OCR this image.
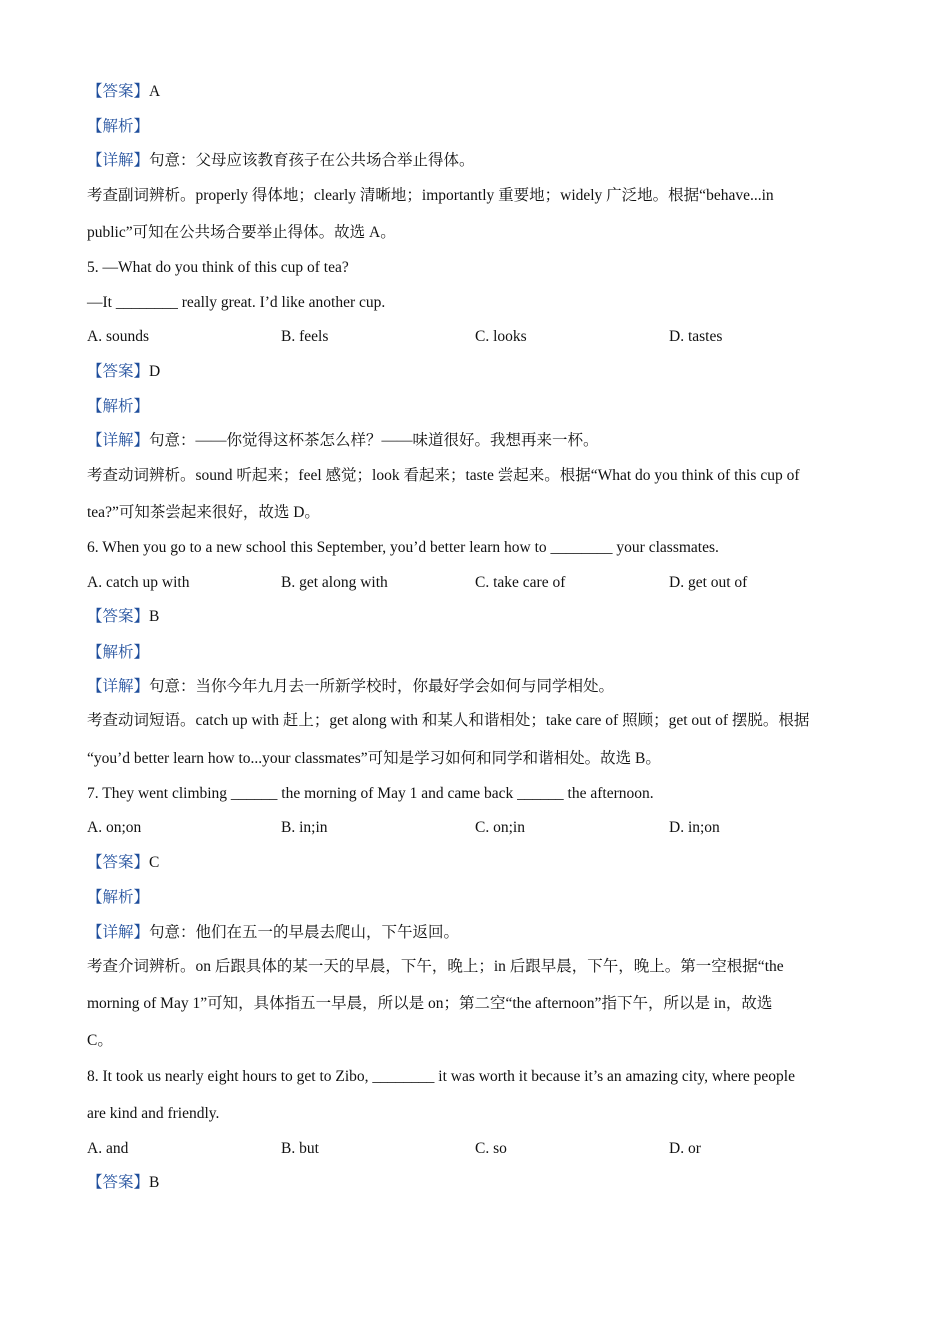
【答案】A
【解析】
【详解】句意：父母应该教育孩子在公共场合举止得体。
考查副词辨析。properly 得体地；clearly 清晰地；importantly 重要地；widely 广泛地。根据“behave...in
public”可知在公共场合要举止得体。故选 A。
5. —What do you think of this cup of tea?
—It ________ really great. I’d like another cup.
A. sounds	B. feels	C. looks	D. tastes
【答案】D
【解析】
【详解】句意：——你觉得这杯茶怎么样？——味道很好。我想再来一杯。
考查动词辨析。sound 听起来；feel 感觉；look 看起来；taste 尝起来。根据“What do you think of this cup of
tea?”可知茶尝起来很好，故选 D。
6. When you go to a new school this September, you’d better learn how to ________ your classmates.
A. catch up with	B. get along with	C. take care of	D. get out of
【答案】B
【解析】
【详解】句意：当你今年九月去一所新学校时，你最好学会如何与同学相处。
考查动词短语。catch up with 赶上；get along with 和某人和谐相处；take care of 照顾；get out of 摆脱。根据
“you’d better learn how to...your classmates”可知是学习如何和同学和谐相处。故选 B。
7. They went climbing ______ the morning of May 1 and came back ______ the afternoon.
A. on;on	B. in;in	C. on;in	D. in;on
【答案】C
【解析】
【详解】句意：他们在五一的早晨去爬山，下午返回。
考查介词辨析。on 后跟具体的某一天的早晨，下午，晚上；in 后跟早晨，下午，晚上。第一空根据“the
morning of May 1”可知，具体指五一早晨，所以是 on；第二空“the afternoon”指下午，所以是 in，故选
C。
8. It took us nearly eight hours to get to Zibo, ________ it was worth it because it’s an amazing city, where people
are kind and friendly.
A. and	B. but	C. so	D. or
【答案】B
